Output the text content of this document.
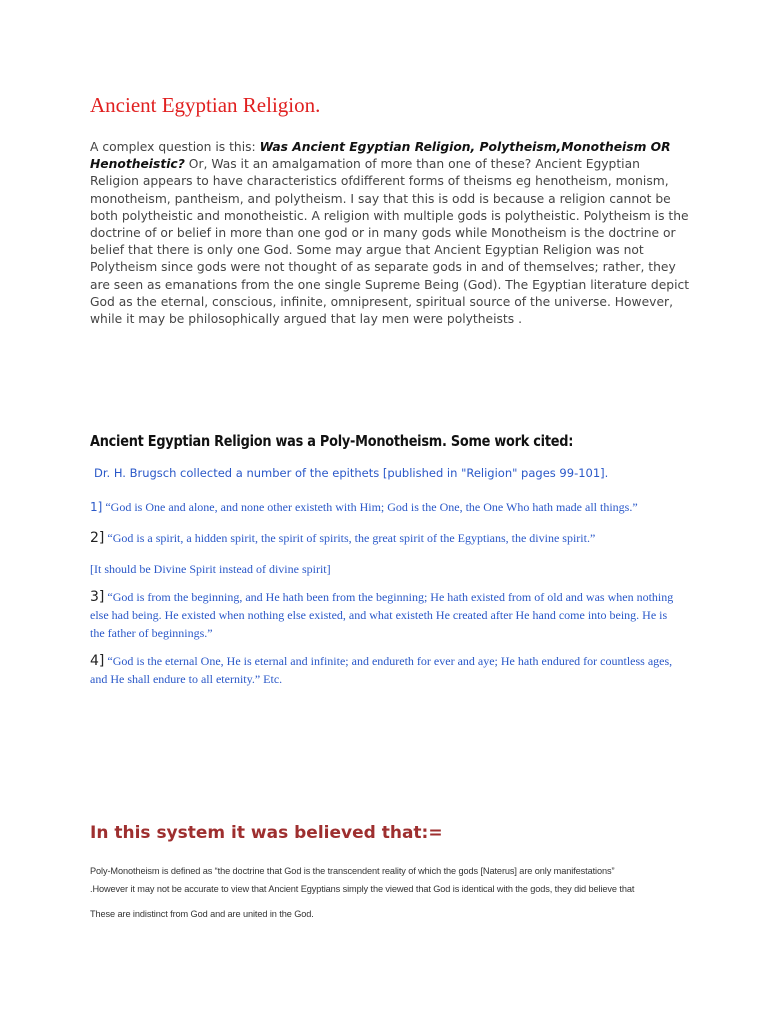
Ancient Egyptian Religion.

A complex question is this: Was Ancient Egyptian Religion, Polytheism,Monotheism OR Henotheistic? Or, Was it an amalgamation of more than one of these? Ancient Egyptian Religion appears to have characteristics ofdifferent forms of theisms eg henotheism, monism, monotheism, pantheism, and polytheism. I say that this is odd is because a religion cannot be both polytheistic and monotheistic. A religion with multiple gods is polytheistic. Polytheism is the doctrine of or belief in more than one god or in many gods while Monotheism is the doctrine or belief that there is only one God. Some may argue that Ancient Egyptian Religion was not Polytheism since gods were not thought of as separate gods in and of themselves; rather, they are seen as emanations from the one single Supreme Being (God). The Egyptian literature depict God as the eternal, conscious, infinite, omnipresent, spiritual source of the universe. However, while it may be philosophically argued that lay men were polytheists .

Ancient Egyptian Religion was a Poly-Monotheism. Some work cited:

Dr. H. Brugsch collected a number of the epithets [published in "Religion" pages 99-101].

1] “God is One and alone, and none other existeth with Him; God is the One, the One Who hath made all things.”

2] “God is a spirit, a hidden spirit, the spirit of spirits, the great spirit of the Egyptians, the divine spirit.”

[It should be Divine Spirit instead of divine spirit]

3] “God is from the beginning, and He hath been from the beginning; He hath existed from of old and was when nothing else had being. He existed when nothing else existed, and what existeth He created after He hand come into being. He is the father of beginnings.”

4] “God is the eternal One, He is eternal and infinite; and endureth for ever and aye; He hath endured for countless ages, and He shall endure to all eternity.” Etc.

In this system it was believed that:=

Poly-Monotheism is defined as “the doctrine that God is the transcendent reality of which the gods [Naterus] are only manifestations”

.However it may not be accurate to view that Ancient Egyptians simply the viewed that God is identical with the gods, they did believe that

These are indistinct from God and are united in the God.
